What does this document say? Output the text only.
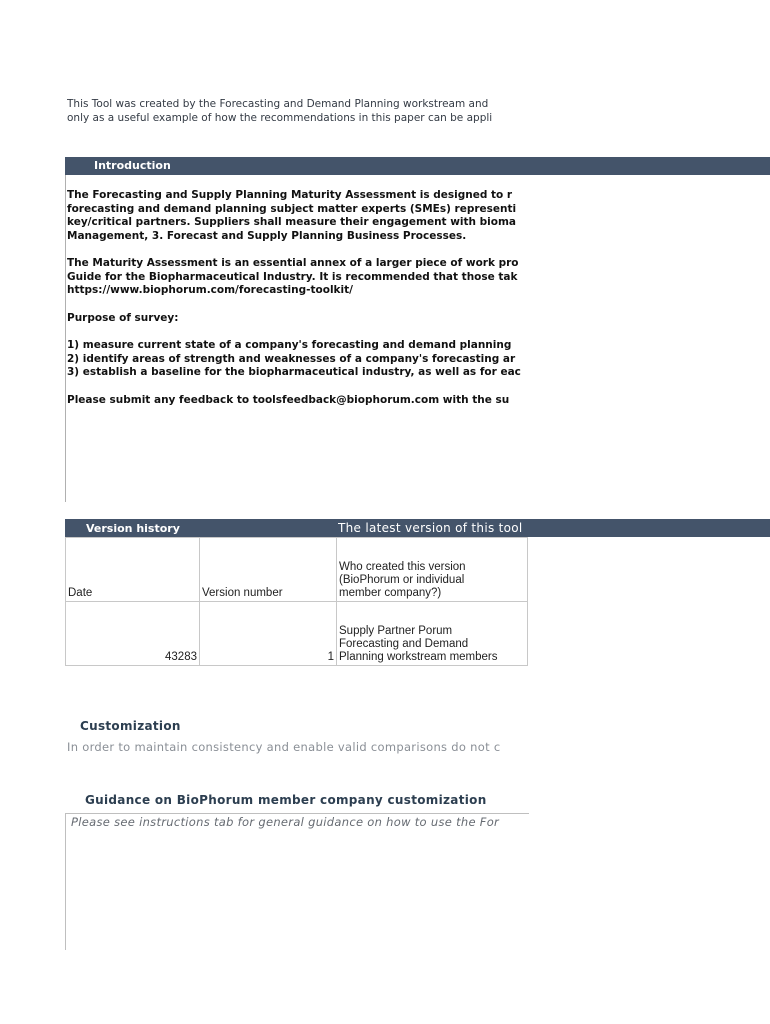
This Tool was created by the Forecasting and Demand Planning workstream and
only as a useful example of how the recommendations in this paper can be appli
Introduction
The Forecasting and Supply Planning Maturity Assessment is designed to r
forecasting and demand planning subject matter experts (SMEs) representi
key/critical partners. Suppliers shall measure their engagement with bioma
Management, 3. Forecast and Supply Planning Business Processes.
The Maturity Assessment is an essential annex of a larger piece of work pro
Guide for the Biopharmaceutical Industry. It is recommended that those tak
https://www.biophorum.com/forecasting-toolkit/
Purpose of survey:
1) measure current state of a company's forecasting and demand planning
2) identify areas of strength and weaknesses of a company's forecasting ar
3) establish a baseline for the biopharmaceutical industry, as well as for eac
Please submit any feedback to toolsfeedback@biophorum.com with the su
Version history	The latest version of this tool
Date	Version number	Who created this version
(BioPhorum or individual
member company?)

43283	1	Supply Partner Porum
Forecasting and Demand
Planning workstream members
Customization
In order to maintain consistency and enable valid comparisons do not c
Guidance on BioPhorum member company customization
Please see instructions tab for general guidance on how to use the For
